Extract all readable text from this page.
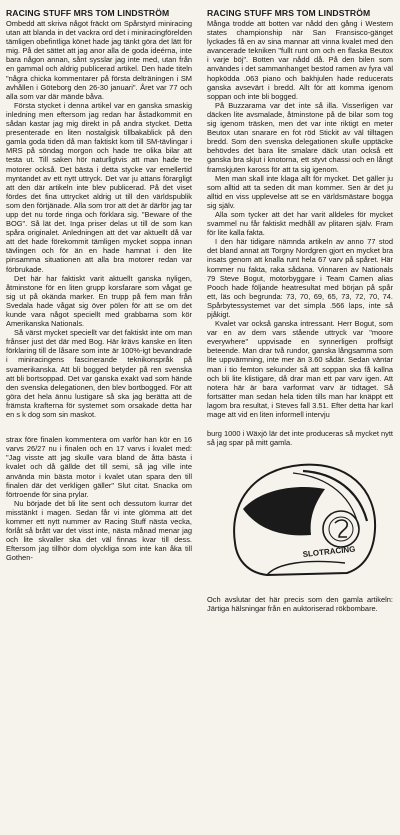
RACING STUFF MRS TOM LINDSTRÖM

Ombedd att skriva något fräckt om Spårstyrd miniracing utan att blanda in det vackra ord det i miniracingförelden tämligen obefintliga könet hade jag tänkt göra det lätt för mig. På det sättet att jag anor alla de goda ideérna, inte bara någon annan, sånt sysslar jag inte med, utan från en gammal och aldrig publicerad artikel. Den hade titeln "några chicka kommentarer på första delträningen i SM avhållen i Göteborg den 26-30 januari". Året var 77 och alla som var där mände båva.

Första stycket i denna artikel var en ganska smaskig inledning men eftersom jag redan har åstadkommit en sådan kastar jag mig direkt in på andra stycket. Detta presenterade en liten nostalgisk tillbakablick på den gamla goda tiden då man faktiskt kom till SM-tävlingar i MRS på söndag morgon och hade tre olika bilar att testa ut. Till saken hör naturligtvis att man hade tre motorer också. Det bästa i detta stycke var emellertid myntandet av ett nytt uttryck. Det var ju attans förargligt att den där artikeln inte blev publicerad. På det viset fördes det fina uttrycket aldrig ut till den världspublik som den förtjänade. Alla som tror att det är därför jag tar upp det nu torde ringa och förklara sig. "Beware of the BOG". Så lät det. Inga priser delas ut till de som kan spåra originalet. Anledningen att det var aktuellt då var att det hade förekommit tämligen mycket soppa innan tävlingen och för än en hade hamnat i den lite pinsamma situationen att alla bra motorer redan var förbrukade.

Det här har faktiskt varit aktuellt ganska nyligen, åtminstone för en liten grupp korsfarare som vågat ge sig ut på okända marker. En trupp på fem man från Svedala hade vågat sig över pölen för att se om det kunde vara något speciellt med grabbarna som kör Amerikanska Nationals.

Så värst mycket speciellt var det faktiskt inte om man frånser just det där med Bog. Här krävs kanske en liten förklaring till de låsare som inte är 100%-igt bevandrade i miniracingens fascinerande teknikonspråk på svamerikanska. Att bli bogged betyder på ren svenska att bli bortsoppad. Det var ganska exakt vad som hände den svenska delegationen, den blev bortbogged. För att göra det hela ännu lustigare så ska jag berätta att de främsta krafterna för systemet som orsakade detta har en s k dog som sin maskot.

strax före finalen kommentera om varför han kör en 16 varvs 26/27 nu i finalen och en 17 varvs i kvalet med: "Jag visste att jag skulle vara bland de åtta bästa i kvalet och då gällde det till semi, så jag ville inte använda min bästa motor i kvalet utan spara den till finalen där det verkligen gäller" Slut citat. Snacka om förtroende för sina prylar.

Nu började det bli lite sent och dessutom kurrar det misstänkt i magen. Sedan får vi inte glömma att det kommer ett nytt nummer av Racing Stuff nästa vecka, förlåt så brått var det visst inte, nästa månad menar jag och lite skvaller ska det väl finnas kvar till dess. Eftersom jag tillhör dom olyckliga som inte kan åka till Gothen-

RACING STUFF MRS TOM LINDSTRÖM

Många trodde att botten var nådd den gång i Western states championship när San Fransisco-gänget lyckades få en av sina mannar att vinna kvalet med den avancerade tekniken "fullt runt om och en flaska Beutox i varje böj". Botten var nådd då. På den bilen som användes i det sammanhanget bestod ramen av fyra väl hopködda .063 piano och bakhjulen hade reducerats ganska avsevärt i bredd. Allt för att komma igenom soppan och inte bli bogged.

På Buzzarama var det inte så illa. Visserligen var däcken lite avsmalade, åtminstone på de bilar som tog sig igenom träsken, men det var inte riktigt en meter Beutox utan snarare en fot röd Stickit av väl tilltagen bredd. Som den svenska delegationen skulle upptäcke behövdes det bara lite smalare däck utan också ett ganska bra skjut i knotorna, ett styvt chassi och en långt framskjuten kaross för att ta sig igenom.

Men man skall inte klaga allt för mycket. Det gäller ju som alltid att ta seden dit man kommer. Sen är det ju alltid en viss upplevelse att se en världsmästare bogga sig själv.

Alla som tycker att det har varit alldeles för mycket svammel nu får faktiskt medhåll av plitaren själv. Fram för lite kalla fakta.

I den här tidigare nämnda artikeln av anno 77 stod det bland annat att Torgny Nordgren gjort en mycket bra insats genom att knalla runt hela 67 varv på spåret. Här kommer nu fakta, raka sådana. Vinnaren av Nationals 79 Steve Bogut, motorbyggare i Team Camen alias Pooch hade följande heatresultat med början på spår ett, läs och begrunda: 73, 70, 69, 65, 73, 72, 70, 74. Spårbytessystemet var det simpla .566 laps, inte så pjåkigt.

Kvalet var också ganska intressant. Herr Bogut, som var en av dem vars stående uttryck var "moore everywhere" uppvisade en synnerligen proffsigt beteende. Man drar två rundor, ganska långsamma som lite uppvärmning, inte mer än 3.60 sådär. Sedan väntar man i tio femton sekunder så att soppan ska få kallna och bli lite klistigare, då drar man ett par varv igen. Att notera här är bara varformat varv är tidtaget. Så fortsätter man sedan hela tiden tills man har knäppt ett lagom bra resultat, i Steves fall 3.51. Efter detta har karl mage att vid en liten informell intervju

burg 1000 i Wäxjö lär det inte produceras så mycket nytt så jag spar på mitt gamla.

SLOTRACING

Och avslutar det här precis som den gamla artikeln: Järtiga hälsningar från en auktoriserad rökbombare.
